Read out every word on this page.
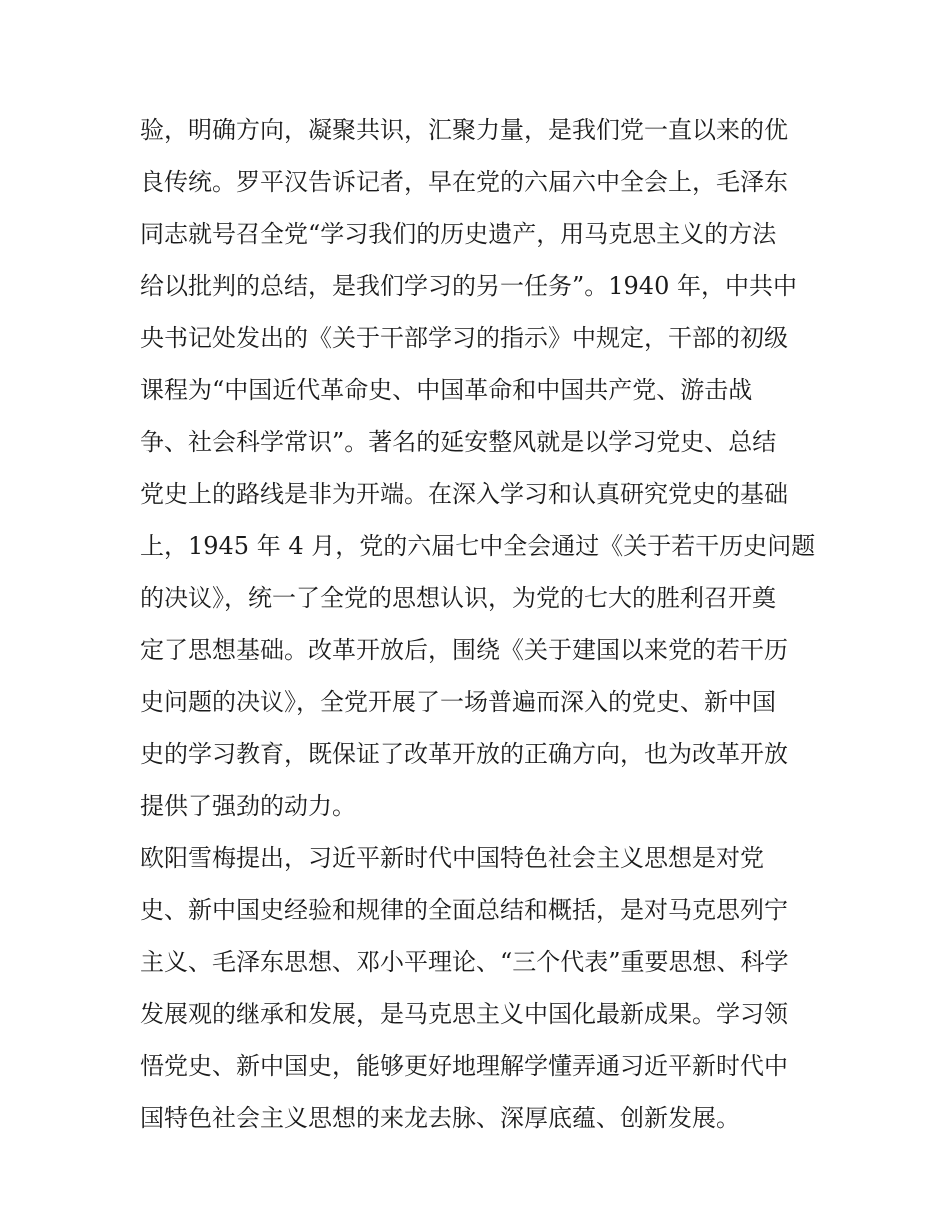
验，明确方向，凝聚共识，汇聚力量，是我们党一直以来的优

良传统。罗平汉告诉记者，早在党的六届六中全会上，毛泽东

同志就号召全党“学习我们的历史遗产，用马克思主义的方法

给以批判的总结，是我们学习的另一任务”。1940 年，中共中

央书记处发出的《关于干部学习的指示》中规定，干部的初级

课程为“中国近代革命史、中国革命和中国共产党、游击战

争、社会科学常识”。著名的延安整风就是以学习党史、总结

党史上的路线是非为开端。在深入学习和认真研究党史的基础

上，1945 年 4 月，党的六届七中全会通过《关于若干历史问题

的决议》，统一了全党的思想认识，为党的七大的胜利召开奠

定了思想基础。改革开放后，围绕《关于建国以来党的若干历

史问题的决议》，全党开展了一场普遍而深入的党史、新中国

史的学习教育，既保证了改革开放的正确方向，也为改革开放

提供了强劲的动力。

欧阳雪梅提出，习近平新时代中国特色社会主义思想是对党

史、新中国史经验和规律的全面总结和概括，是对马克思列宁

主义、毛泽东思想、邓小平理论、“三个代表”重要思想、科学

发展观的继承和发展，是马克思主义中国化最新成果。学习领

悟党史、新中国史，能够更好地理解学懂弄通习近平新时代中

国特色社会主义思想的来龙去脉、深厚底蕴、创新发展。
